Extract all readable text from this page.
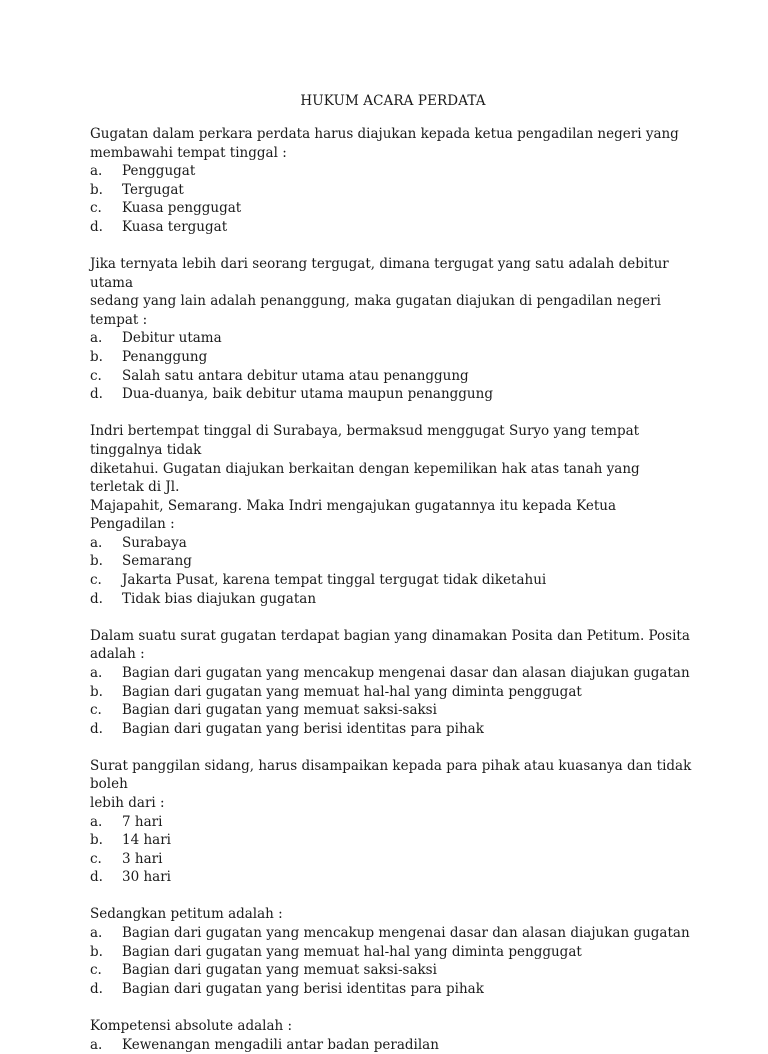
HUKUM ACARA PERDATA

Gugatan dalam perkara perdata harus diajukan kepada ketua pengadilan negeri yang
membawahi tempat tinggal :

a.	Penggugat
b.	Tergugat
c.	Kuasa penggugat
d.	Kuasa tergugat

Jika ternyata lebih dari seorang tergugat, dimana tergugat yang satu adalah debitur utama
sedang yang lain adalah penanggung, maka gugatan diajukan di pengadilan negeri tempat :

a.	Debitur utama
b.	Penanggung
c.	Salah satu antara debitur utama atau penanggung
d.	Dua-duanya, baik debitur utama maupun penanggung

Indri bertempat tinggal di Surabaya, bermaksud menggugat Suryo yang tempat tinggalnya tidak
diketahui. Gugatan diajukan berkaitan dengan kepemilikan hak atas tanah yang terletak di Jl.
Majapahit, Semarang. Maka Indri mengajukan gugatannya itu kepada Ketua Pengadilan :

a.	Surabaya
b.	Semarang
c.	Jakarta Pusat, karena tempat tinggal tergugat tidak diketahui
d.	Tidak bias diajukan gugatan

Dalam suatu surat gugatan terdapat bagian yang dinamakan Posita dan Petitum. Posita adalah :

a.	Bagian dari gugatan yang mencakup mengenai dasar dan alasan diajukan gugatan
b.	Bagian dari gugatan yang memuat hal-hal yang diminta penggugat
c.	Bagian dari gugatan yang memuat saksi-saksi
d.	Bagian dari gugatan yang berisi identitas para pihak

Surat panggilan sidang, harus disampaikan kepada para pihak atau kuasanya dan tidak boleh
lebih dari :

a.	7 hari
b.	14 hari
c.	3 hari
d.	30 hari

Sedangkan petitum adalah :

a.	Bagian dari gugatan yang mencakup mengenai dasar dan alasan diajukan gugatan
b.	Bagian dari gugatan yang memuat hal-hal yang diminta penggugat
c.	Bagian dari gugatan yang memuat saksi-saksi
d.	Bagian dari gugatan yang berisi identitas para pihak

Kompetensi absolute adalah :

a.	Kewenangan mengadili antar badan peradilan
